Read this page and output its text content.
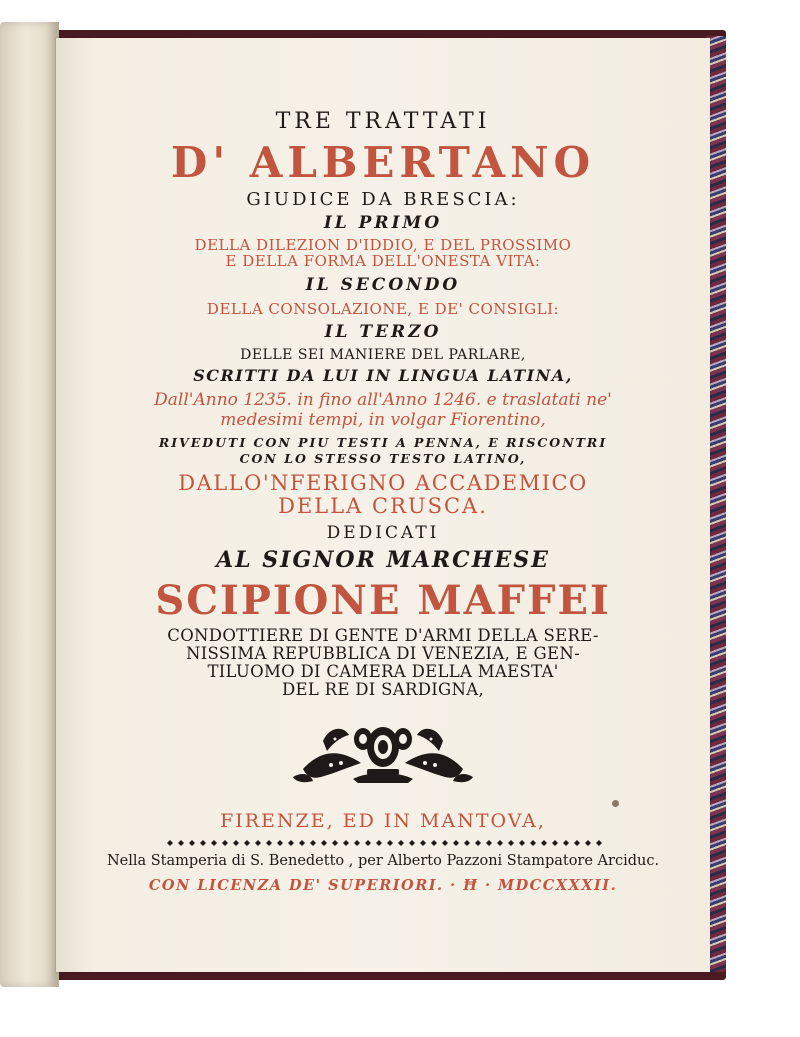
TRE TRATTATI

D' ALBERTANO

GIUDICE DA BRESCIA:

IL PRIMO

DELLA DILEZION D'IDDIO, E DEL PROSSIMO

E DELLA FORMA DELL'ONESTA VITA:

IL SECONDO

DELLA CONSOLAZIONE, E DE' CONSIGLI:

IL TERZO

DELLE SEI MANIERE DEL PARLARE,

SCRITTI DA LUI IN LINGUA LATINA,

Dall'Anno 1235. in fino all'Anno 1246. e traslatati ne'

medesimi tempi, in volgar Fiorentino,

RIVEDUTI CON PIU TESTI A PENNA, E RISCONTRI

CON LO STESSO TESTO LATINO,

DALLO'NFERIGNO ACCADEMICO

DELLA CRUSCA.

DEDICATI

AL SIGNOR MARCHESE

SCIPIONE MAFFEI

CONDOTTIERE DI GENTE D'ARMI DELLA SERE-

NISSIMA REPUBBLICA DI VENEZIA, E GEN-

TILUOMO DI CAMERA DELLA MAESTA'

DEL RE DI SARDIGNA,

FIRENZE, ED IN MANTOVA,

Nella Stamperia di S. Benedetto , per Alberto Pazzoni Stampatore Arciduc.

CON LICENZA DE' SUPERIORI. · Ħ · MDCCXXXII.
